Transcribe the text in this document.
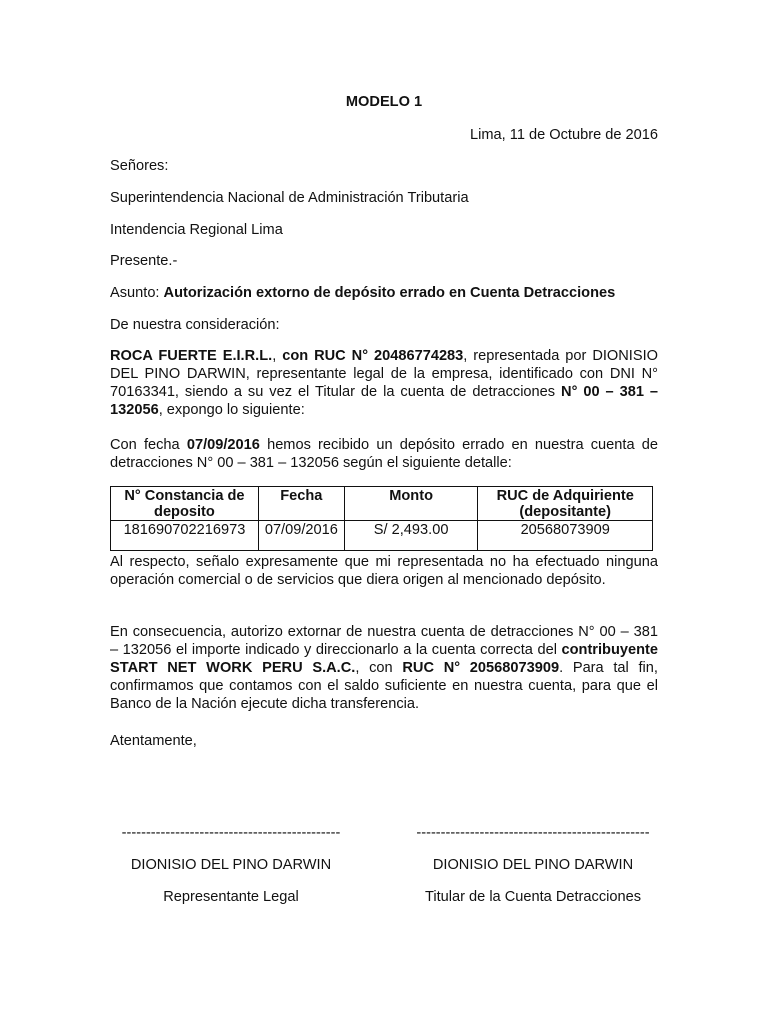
MODELO 1

Lima, 11 de Octubre de 2016

Señores:

Superintendencia Nacional de Administración Tributaria

Intendencia Regional Lima

Presente.-

Asunto: Autorización extorno de depósito errado en Cuenta Detracciones

De nuestra consideración:

ROCA FUERTE E.I.R.L., con RUC N° 20486774283, representada por DIONISIO DEL PINO DARWIN, representante legal de la empresa, identificado con DNI N° 70163341, siendo a su vez el Titular de la cuenta de detracciones N° 00 – 381 – 132056, expongo lo siguiente:

Con fecha 07/09/2016 hemos recibido un depósito errado en nuestra cuenta de detracciones N° 00 – 381 – 132056 según el siguiente detalle:

N° Constancia de deposito	Fecha	Monto	RUC de Adquiriente (depositante)
181690702216973	07/09/2016	S/ 2,493.00	20568073909

Al respecto, señalo expresamente que mi representada no ha efectuado ninguna operación comercial o de servicios que diera origen al mencionado depósito.

En consecuencia, autorizo extornar de nuestra cuenta de detracciones N° 00 – 381 – 132056 el importe indicado y direccionarlo a la cuenta correcta del contribuyente START NET WORK PERU S.A.C., con RUC N° 20568073909. Para tal fin, confirmamos que contamos con el saldo suficiente en nuestra cuenta, para que el Banco de la Nación ejecute dicha transferencia.

Atentamente,

---------------------------------------------
DIONISIO DEL PINO DARWIN
Representante Legal
------------------------------------------------
DIONISIO DEL PINO DARWIN
Titular de la Cuenta Detracciones
